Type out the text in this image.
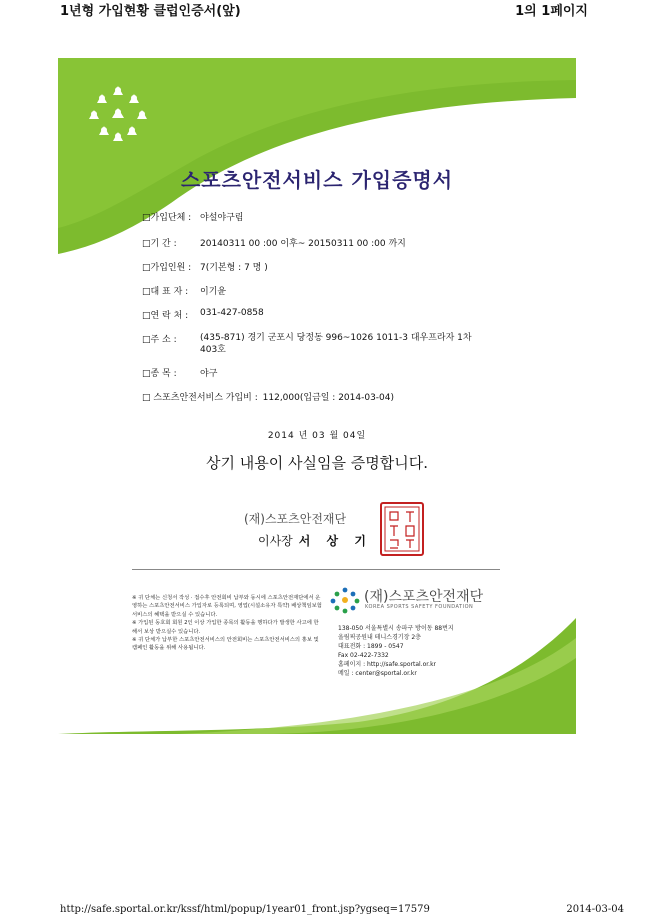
1년형 가입현황 클럽인증서(앞)	1의 1페이지
스포츠안전서비스 가입증명서
□가입단체 : 야설야구림
□기 간 :	20140311 00 :00 이후~ 20150311 00 :00 까지
□가입인원 : 7(기본형 : 7 명 )
□대 표 자 : 이기윤
□연 락 처 : 031-427-0858
□주 소 :	(435-871) 경기 군포시 당정동 996~1026 1011-3 대우프라자 1차 403호
□종 목 :	야구
□ 스포츠안전서비스 가입비 : 112,000(입금일 : 2014-03-04)
2014 년 03 월 04일
상기 내용이 사실임을 증명합니다.
(재)스포츠안전재단
이사장 서 상 기
※ 귀 단체는 신청서 작성 · 접수후 안전회비 납부와 동시에 스포츠안전재단에서 운영하는 스포츠안전서비스 가입자로 등록되며, 영업(시설소유자 특약) 배상책임보험 서비스의 혜택을 받으실 수 있습니다.
※ 가입된 동호회 회원 2인 이상 가입한 종목의 활동을 행하다가 발생한 사고에 한해서 보상 받으실수 있습니다.
※ 귀 단체가 납부한 스포츠안전서비스의 안전회비는 스포츠안전서비스의 홍보 및 캠페인 활동을 위해 사용됩니다.
(재)스포츠안전재단
KOREA SPORTS SAFETY FOUNDATION
138-050 서울특별시 송파구 방이동 88번지
올림픽공원내 테니스경기장 2층
대표전화 : 1899 - 0547
Fax 02-422-7332
홈페이지 : http://safe.sportal.or.kr
메일 : center@sportal.or.kr
http://safe.sportal.or.kr/kssf/html/popup/1year01_front.jsp?ygseq=17579	2014-03-04
